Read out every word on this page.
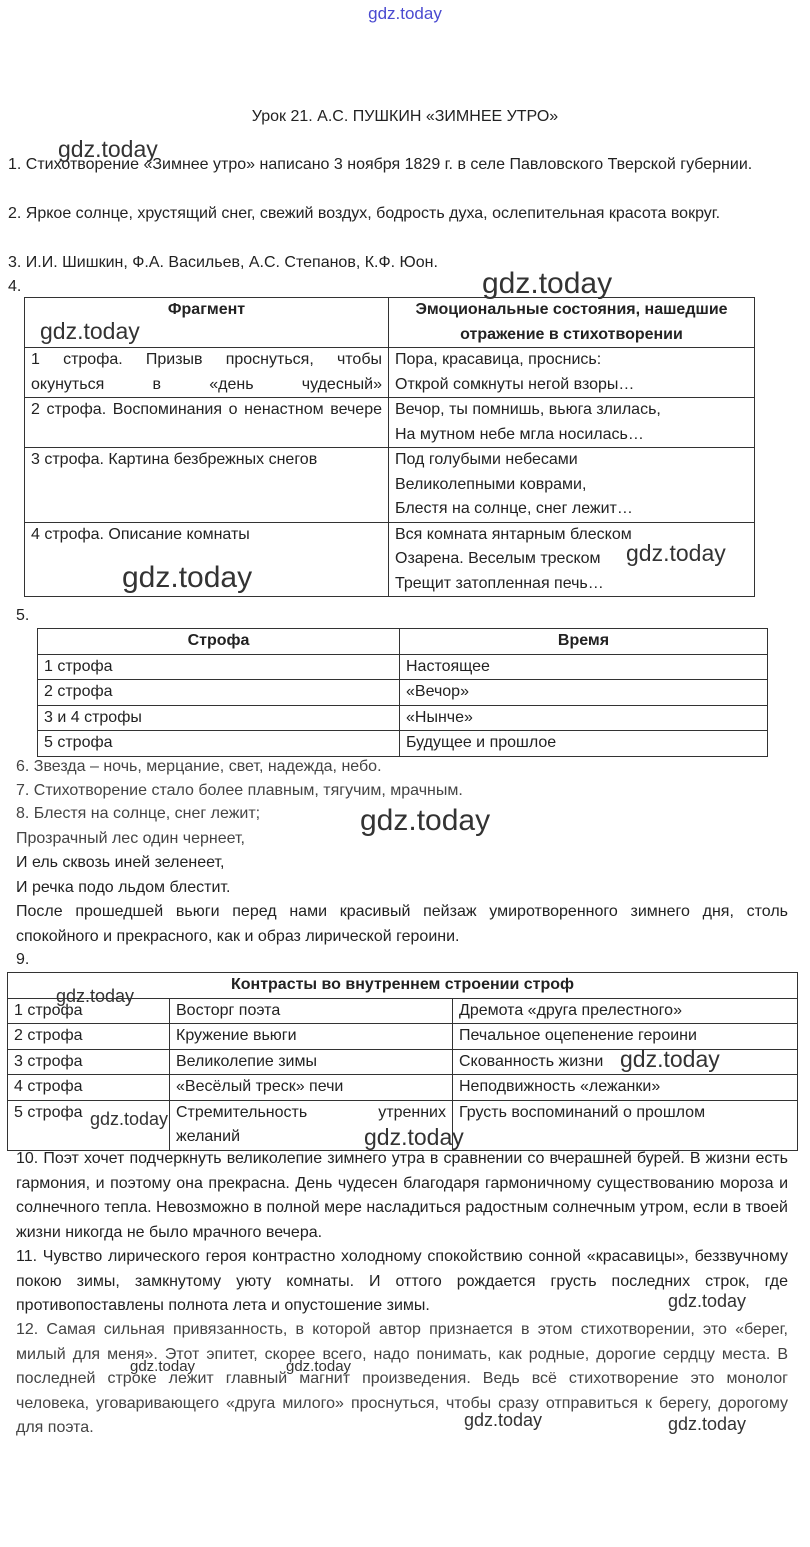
gdz.today
Урок 21. А.С. ПУШКИН «ЗИМНЕЕ УТРО»
1. Стихотворение «Зимнее утро» написано 3 ноября 1829 г. в селе Павловского Тверской губернии.
2. Яркое солнце, хрустящий снег, свежий воздух, бодрость духа, ослепительная красота вокруг.
3. И.И. Шишкин, Ф.А. Васильев, А.С. Степанов, К.Ф. Юон.
4.
Фрагмент	Эмоциональные состояния, нашедшие отражение в стихотворении
1 строфа. Призыв проснуться, чтобы окунуться в «день чудесный»	Пора, красавица, проснись:
Открой сомкнуты негой взоры…

2 строфа. Воспоминания о ненастном вечере	Вечор, ты помнишь, вьюга злилась,
На мутном небе мгла носилась…

3 строфа. Картина безбрежных снегов	Под голубыми небесами
Великолепными коврами,
Блестя на солнце, снег лежит…

4 строфа. Описание комнаты	Вся комната янтарным блеском
Озарена. Веселым треском
Трещит затопленная печь…
5.
Строфа	Время
1 строфа	Настоящее
2 строфа	«Вечор»
3 и 4 строфы	«Нынче»
5 строфа	Будущее и прошлое
6. Звезда – ночь, мерцание, свет, надежда, небо.
7. Стихотворение стало более плавным, тягучим, мрачным.
8. Блестя на солнце, снег лежит;
Прозрачный лес один чернеет,
И ель сквозь иней зеленеет,
И речка подо льдом блестит.
После прошедшей вьюги перед нами красивый пейзаж умиротворенного зимнего дня, столь спокойного и прекрасного, как и образ лирической героини.
9.
Контрасты во внутреннем строении строф		
1 строфа	Восторг поэта	Дремота «друга прелестного»
2 строфа	Кружение вьюги	Печальное оцепенение героини
3 строфа	Великолепие зимы	Скованность жизни
4 строфа	«Весёлый треск» печи	Неподвижность «лежанки»
5 строфа	Стремительность утренних желаний	Грусть воспоминаний о прошлом
10. Поэт хочет подчеркнуть великолепие зимнего утра в сравнении со вчерашней бурей. В жизни есть гармония, и поэтому она прекрасна. День чудесен благодаря гармоничному существованию мороза и солнечного тепла. Невозможно в полной мере насладиться радостным солнечным утром, если в твоей жизни никогда не было мрачного вечера.
11. Чувство лирического героя контрастно холодному спокойствию сонной «красавицы», беззвучному покою зимы, замкнутому уюту комнаты. И оттого рождается грусть последних строк, где противопоставлены полнота лета и опустошение зимы.
12. Самая сильная привязанность, в которой автор признается в этом стихотворении, это «берег, милый для меня». Этот эпитет, скорее всего, надо понимать, как родные, дорогие сердцу места. В последней строке лежит главный магнит произведения. Ведь всё стихотворение это монолог человека, уговаривающего «друга милого» проснуться, чтобы сразу отправиться к берегу, дорогому для поэта.
gdz.today
gdz.today
gdz.today
gdz.today
gdz.today
gdz.today
gdz.today
gdz.today
gdz.today
gdz.today
gdz.today
gdz.today	gdz.today
gdz.today	gdz.today
